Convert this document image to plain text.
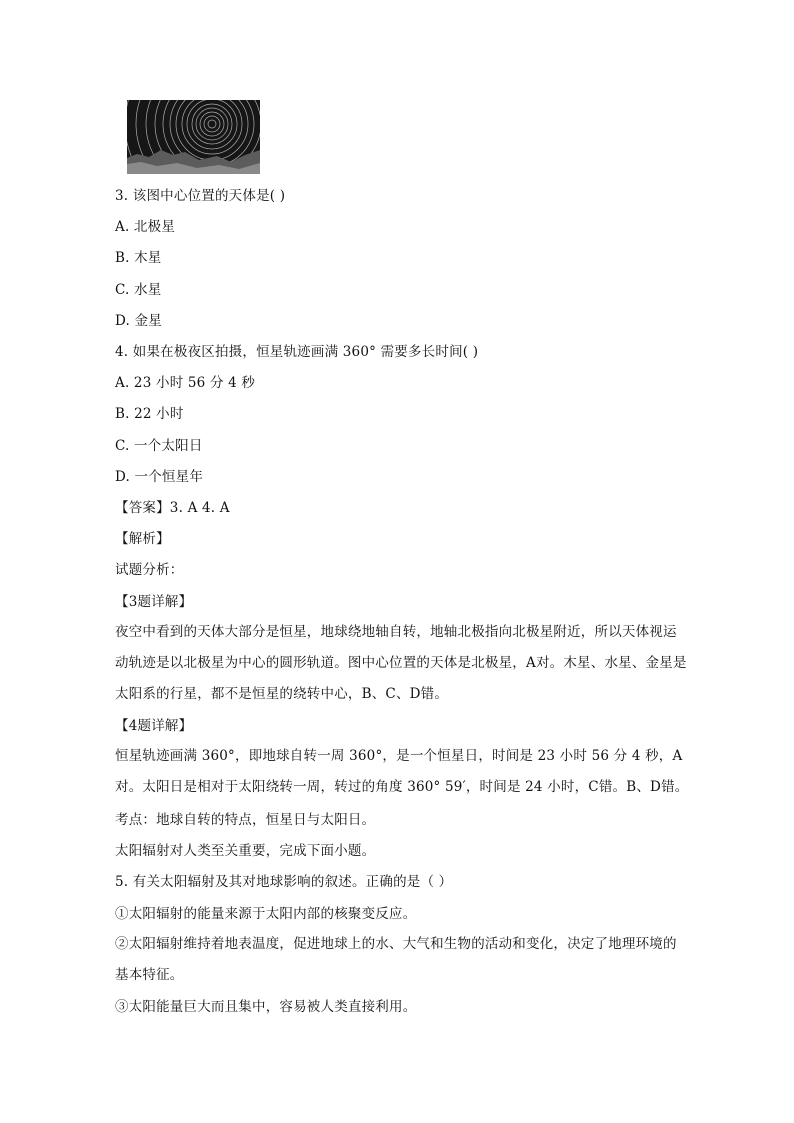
3. 该图中心位置的天体是( )
A. 北极星
B. 木星
C. 水星
D. 金星
4. 如果在极夜区拍摄，恒星轨迹画满 360° 需要多长时间( )
A. 23 小时 56 分 4 秒
B. 22 小时
C. 一个太阳日
D. 一个恒星年
【答案】3. A 4. A
【解析】
试题分析：
【3题详解】
夜空中看到的天体大部分是恒星，地球绕地轴自转，地轴北极指向北极星附近，所以天体视运动轨迹是以北极星为中心的圆形轨道。图中心位置的天体是北极星，A对。木星、水星、金星是太阳系的行星，都不是恒星的绕转中心，B、C、D错。
【4题详解】
恒星轨迹画满 360°，即地球自转一周 360°，是一个恒星日，时间是 23 小时 56 分 4 秒，A对。太阳日是相对于太阳绕转一周，转过的角度 360° 59′，时间是 24 小时，C错。B、D错。
考点：地球自转的特点，恒星日与太阳日。
太阳辐射对人类至关重要，完成下面小题。
5. 有关太阳辐射及其对地球影响的叙述。正确的是（ ）
①太阳辐射的能量来源于太阳内部的核聚变反应。
②太阳辐射维持着地表温度，促进地球上的水、大气和生物的活动和变化，决定了地理环境的基本特征。
③太阳能量巨大而且集中，容易被人类直接利用。
